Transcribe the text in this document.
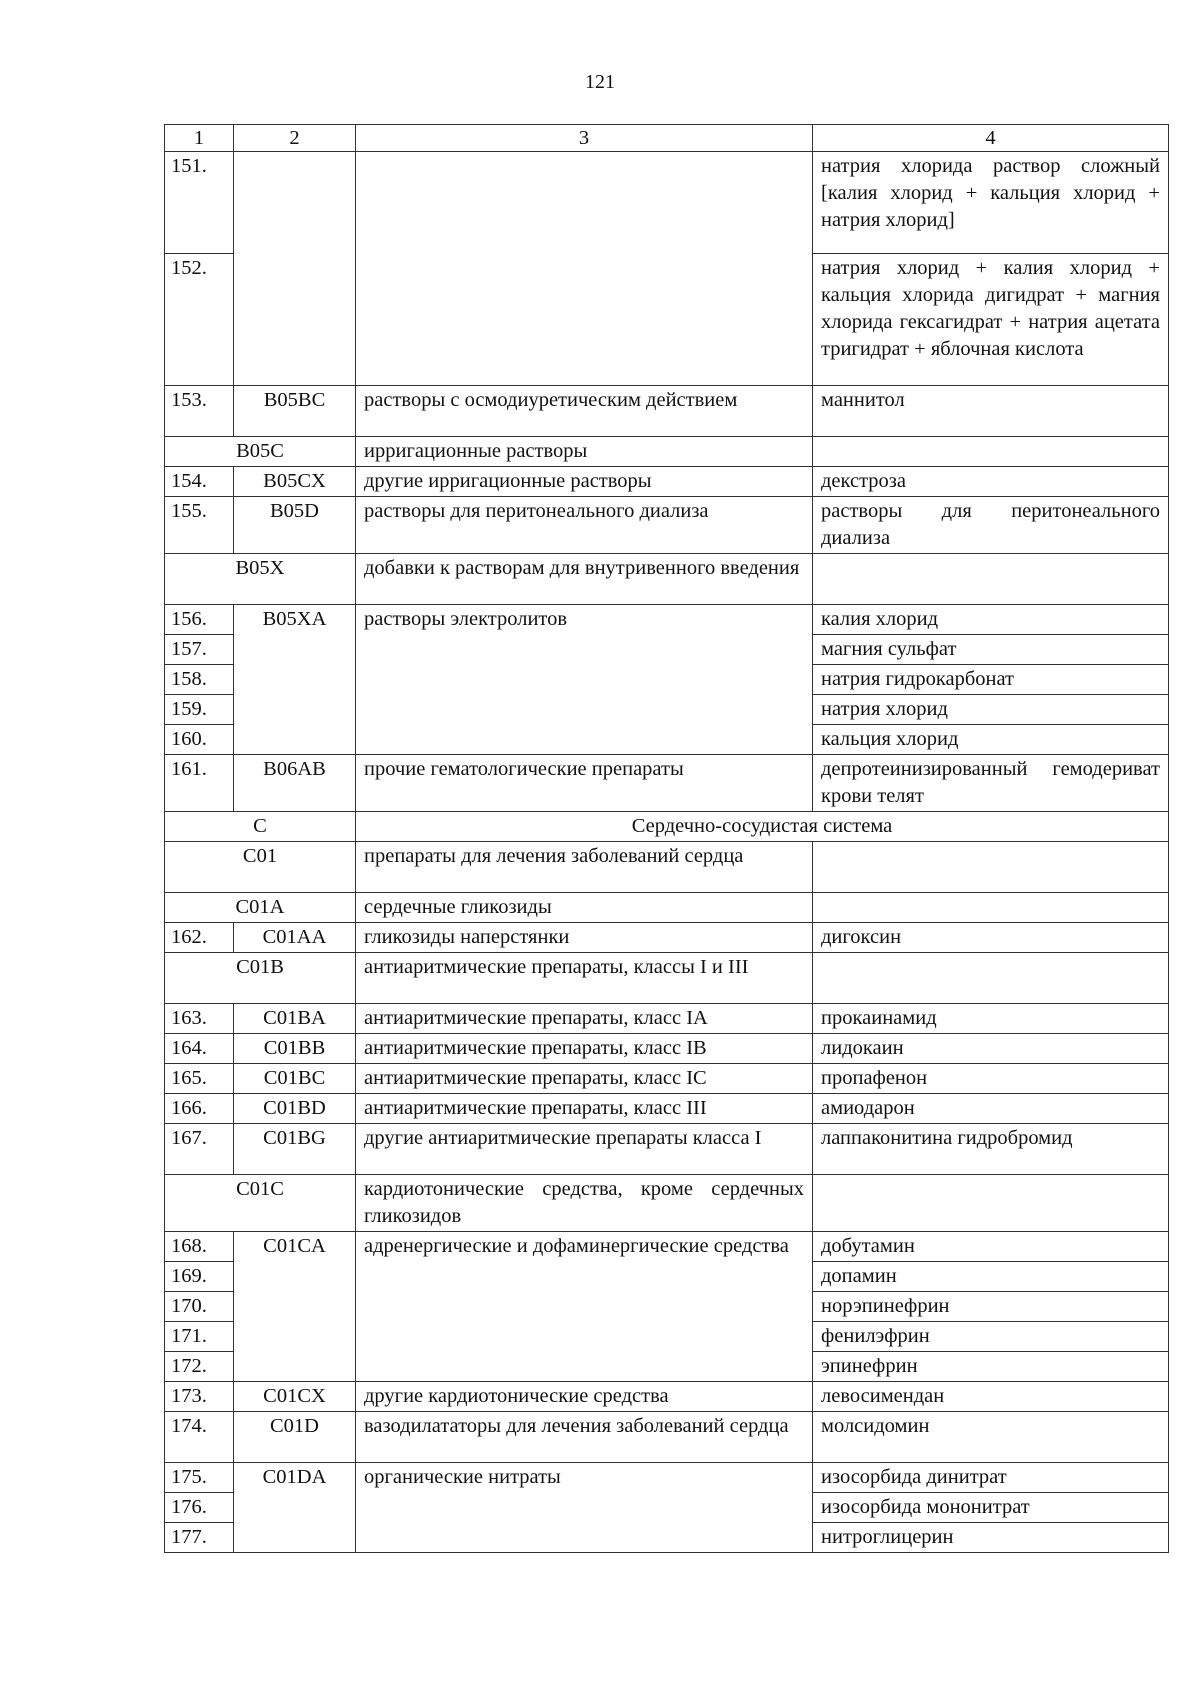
121
1	2	3	4
151.			натрия хлорида раствор сложный [калия хлорид + кальция хлорид + натрия хлорид]
152.			натрия хлорид + калия хлорид + кальция хлорида дигидрат + магния хлорида гексагидрат + натрия ацетата тригидрат + яблочная кислота
153.	B05BC	растворы с осмодиуретическим действием	маннитол
B05C		ирригационные растворы	
154.	B05CX	другие ирригационные растворы	декстроза
155.	B05D	растворы для перитонеального диализа	растворы для перитонеального диализа
B05X		добавки к растворам для внутривенного введения	
156.	B05XA	растворы электролитов	калия хлорид
157.			магния сульфат
158.			натрия гидрокарбонат
159.			натрия хлорид
160.			кальция хлорид
161.	B06AB	прочие гематологические препараты	депротеинизированный гемодериват крови телят
C		Сердечно-сосудистая система	
C01		препараты для лечения заболеваний сердца	
C01A		сердечные гликозиды	
162.	C01AA	гликозиды наперстянки	дигоксин
C01B		антиаритмические препараты, классы I и III	
163.	C01BA	антиаритмические препараты, класс IA	прокаинамид
164.	C01BB	антиаритмические препараты, класс IB	лидокаин
165.	C01BC	антиаритмические препараты, класс IC	пропафенон
166.	C01BD	антиаритмические препараты, класс III	амиодарон
167.	C01BG	другие антиаритмические препараты класса I	лаппаконитина гидробромид
C01C		кардиотонические средства, кроме сердечных гликозидов	
168.	C01CA	адренергические и дофаминергические средства	добутамин
169.			допамин
170.			норэпинефрин
171.			фенилэфрин
172.			эпинефрин
173.	C01CX	другие кардиотонические средства	левосимендан
174.	C01D	вазодилататоры для лечения заболеваний сердца	молсидомин
175.	C01DA	органические нитраты	изосорбида динитрат
176.			изосорбида мононитрат
177.			нитроглицерин
